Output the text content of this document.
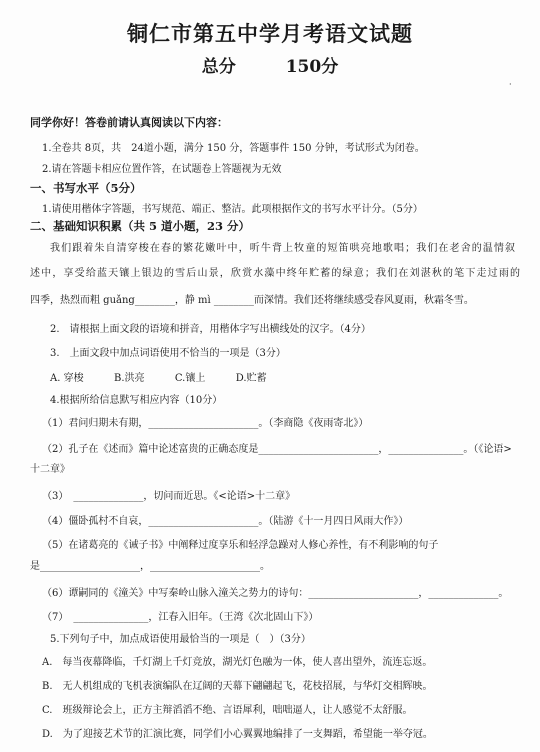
铜仁市第五中学月考语文试题
总分	150分
·
同学你好！答卷前请认真阅读以下内容：
1.全卷共 8页，共　24道小题，满分 150 分，答题事件 150 分钟，考试形式为闭卷。
2.请在答题卡相应位置作答，在试题卷上答题视为无效
一、书写水平（5分）
1.请使用楷体字答题，书写规范、端正、整洁。此项根据作文的书写水平计分。（5分）
二、基础知识积累（共 5 道小题，23 分）
我们跟着朱自清穿梭在春的繁花嫩叶中，听牛背上牧童的短笛哄亮地歌唱；我们在老舍的温情叙
述中，享受给蓝天镶上银边的雪后山景，欣赏水藻中终年贮蓄的绿意；我们在刘湛秋的笔下走过雨的
四季，热烈而粗 guǎng________，静 mì ________而深情。我们还将继续感受春风夏雨，秋霜冬雪。
2.　请根据上面文段的语境和拼音，用楷体字写出横线处的汉字。（4分）
3.　上面文段中加点词语使用不恰当的一项是（3分）
A. 穿梭	B.洪亮	C.镶上	D.贮蓄
4.根据所给信息默写相应内容（10分）
（1）君问归期未有期，______________________。（李商隐《夜雨寄北》）
（2）孔子在《述而》篇中论述富贵的正确态度是________________________，_______________。（《论语>
十二章》
（3）　______________，切问而近思。《<论语>十二章》
（4）僵卧孤村不自哀，______________________。（陆游《十一月四日风雨大作》）
（5）在诸葛亮的《诫子书》中阐释过度享乐和轻浮急躁对人修心养性，有不利影响的句子
是____________________，______________________。
（6）谭嗣同的《潼关》中写秦岭山脉入潼关之势力的诗句：______________________，______________。
（7）　_______________，江春入旧年。（王湾《次北固山下》）
5.下列句子中，加点成语使用最恰当的一项是（　）（3分）
A.　每当夜幕降临，千灯湖上千灯竞放，湖光灯色融为一体，使人喜出望外，流连忘返。
B.　无人机组成的飞机表演编队在辽阔的天幕下翩翩起飞，花枝招展，与华灯交相辉映。
C.　班级辩论会上，正方主辩滔滔不绝、言语犀利，咄咄逼人，让人感觉不太舒服。
D.　为了迎接艺术节的汇演比赛，同学们小心翼翼地编排了一支舞蹈，希望能一举夺冠。
